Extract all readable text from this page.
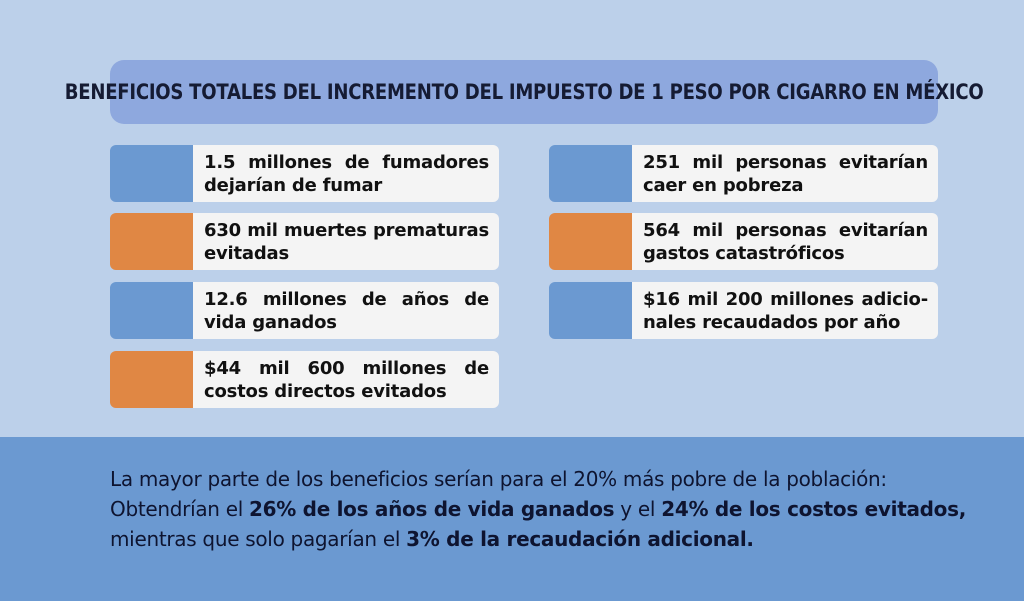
BENEFICIOS TOTALES DEL INCREMENTO DEL IMPUESTO DE 1 PESO POR CIGARRO EN MÉXICO
1.5 millones de fumadores dejarían de fumar
630 mil muertes prematuras evitadas
12.6 millones de años de vida ganados
$44 mil 600 millones de costos directos evitados
251 mil personas evitarían caer en pobreza
564 mil personas evitarían gastos catastróficos
$16 mil 200 millones adicio-nales recaudados por año
La mayor parte de los beneficios serían para el 20% más pobre de la población:
Obtendrían el 26% de los años de vida ganados y el 24% de los costos evitados,
mientras que solo pagarían el 3% de la recaudación adicional.
